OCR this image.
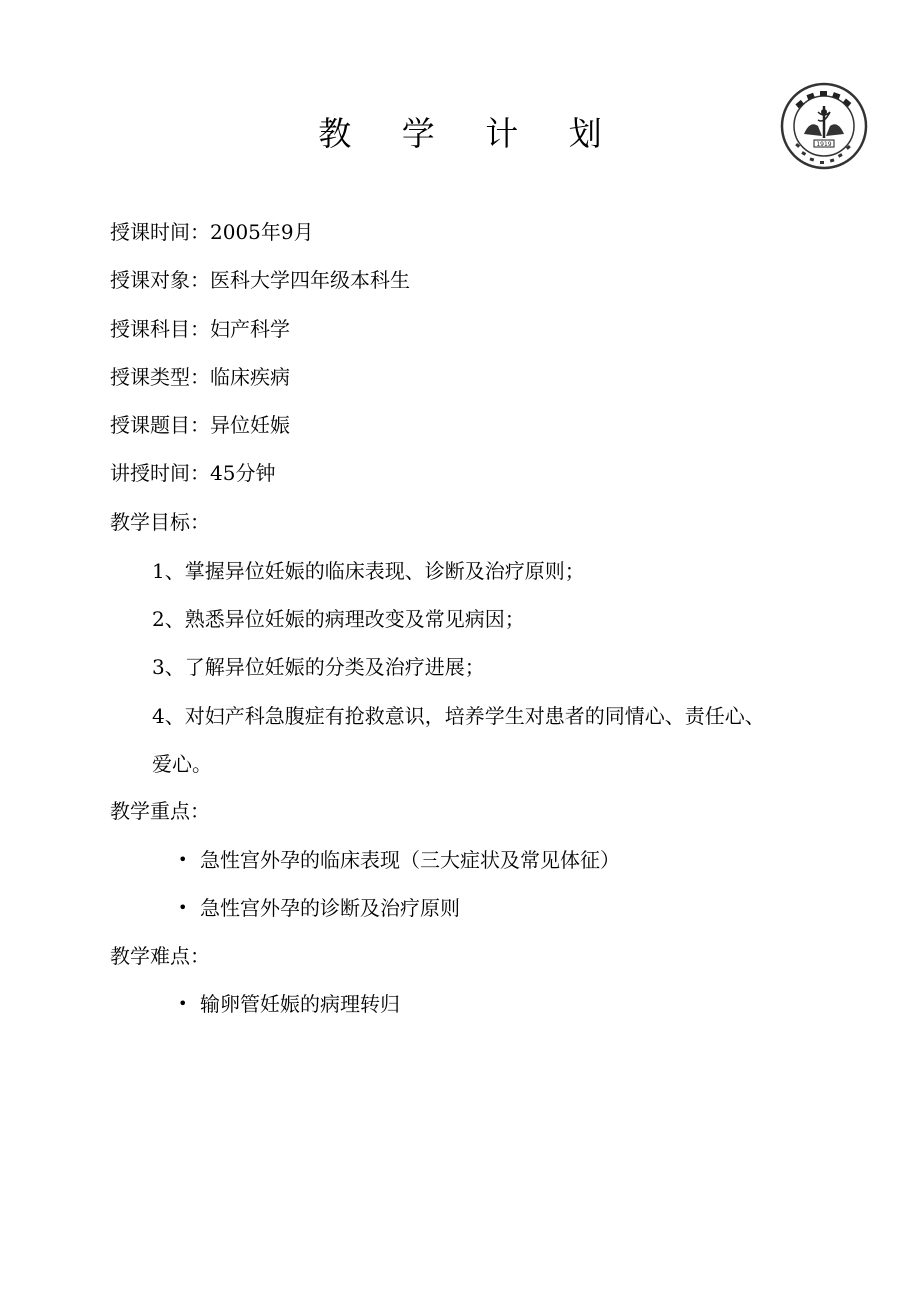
教 学 计 划	1919
授课时间：2005年9月
授课对象：医科大学四年级本科生
授课科目：妇产科学
授课类型：临床疾病
授课题目：异位妊娠
讲授时间：45分钟
教学目标：
1、掌握异位妊娠的临床表现、诊断及治疗原则；
2、熟悉异位妊娠的病理改变及常见病因；
3、了解异位妊娠的分类及治疗进展；
4、对妇产科急腹症有抢救意识，培养学生对患者的同情心、责任心、
爱心。
教学重点：
• 急性宫外孕的临床表现（三大症状及常见体征）
• 急性宫外孕的诊断及治疗原则
教学难点：
• 输卵管妊娠的病理转归
